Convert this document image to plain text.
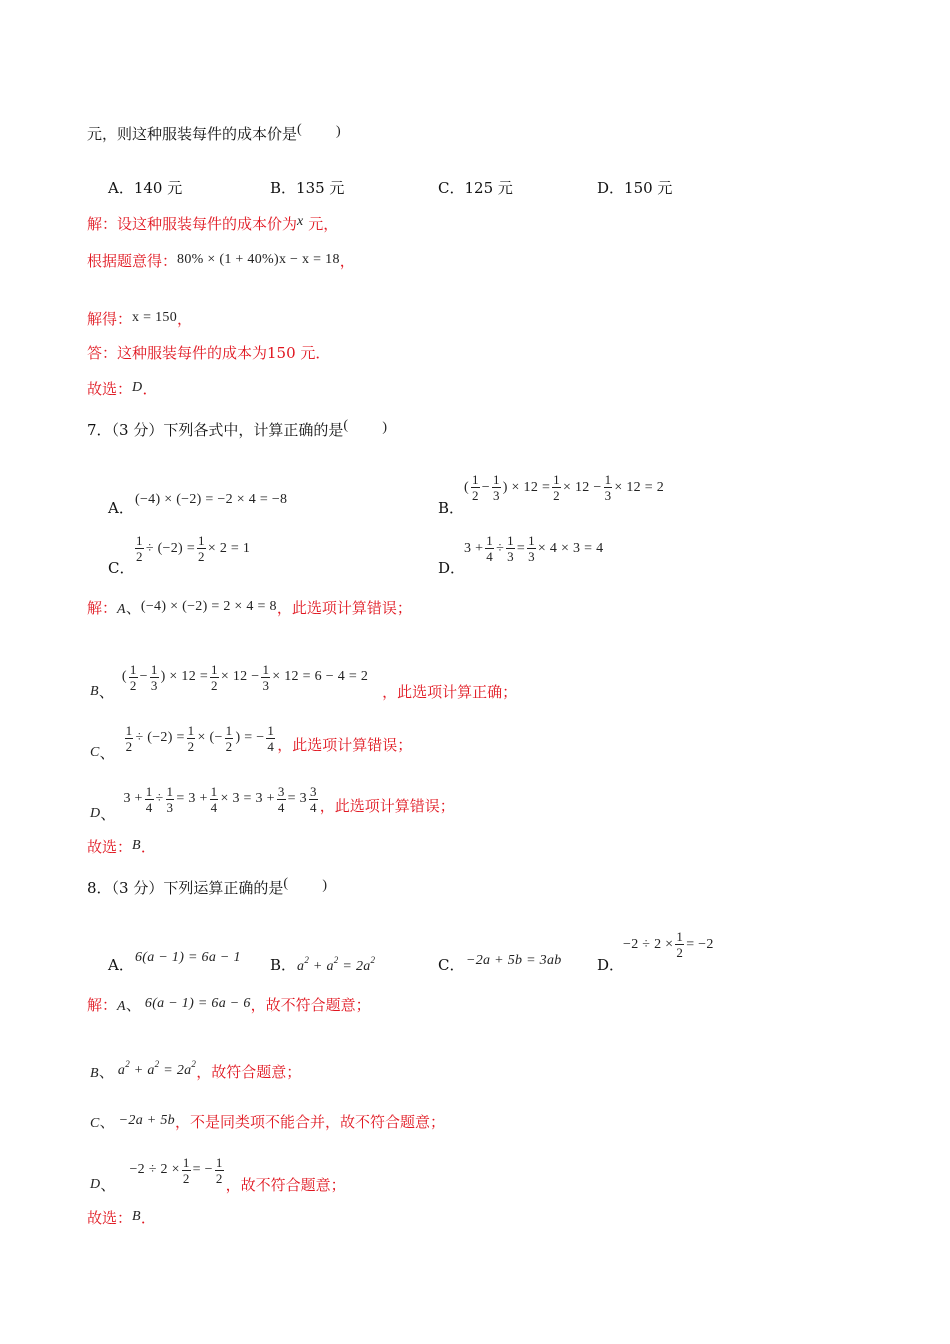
元，则这种服装每件的成本价是( )
A．140 元	B．135 元	C．125 元	D．150 元
解：设这种服装每件的成本价为x 元，
根据题意得：80% × (1 + 40%)x − x = 18，
解得：x = 150，
答：这种服装每件的成本为150 元．
故选：D．
7．（3 分）下列各式中，计算正确的是( )
A． (−4) × (−2) = −2 × 4 = −8	B．
( $\frac{1}{2} - \frac{1}{3}$ ) × $12 = \frac{1}{2} \times 12 - \frac{1}{3} \times 12 = 2$
C．
$\frac{1}{2} \div (-2) = \frac{1}{2} \times 2 = 1$
D．
$3 + \frac{1}{4} \div \frac{1}{3} = \frac{1}{3} \times 4 \times 3 = 4$
解：A、(−4) × (−2) = 2 × 4 = 8，此选项计算错误；
B 、
( $\frac{1}{2} - \frac{1}{3}$ ) × $12 = \frac{1}{2} \times 12 - \frac{1}{3} \times 12 = 6 - 4 = 2$
，此选项计算正确；
C 、 $\frac{1}{2} \div (-2) = \frac{1}{2}$ × (− $\frac{1}{2}$ ) = − $\frac{1}{4}$ ，此选项计算错误；
D 、
$3 + \frac{1}{4} \div \frac{1}{3} = 3 + \frac{1}{4} \times 3 = 3 + \frac{3}{4} = 3 \frac{3}{4}$ ，此选项计算错误；
故选：B．
8．（3 分）下列运算正确的是( )
A． 6(a − 1) = 6a − 1 B． $a^2 + a^2 = 2a^2$	C． −2a + 5b = 3ab D．
$-2 \div 2 \times \frac{1}{2} = -2$
解：A、 6(a − 1) = 6a − 6，故不符合题意；
B、 $a^2 + a^2 = 2a^2$，故符合题意；
C、 −2a + 5b，不是同类项不能合并，故不符合题意；
D 、
$-2 \div 2 \times \frac{1}{2}$ = − $\frac{1}{2}$ ，故不符合题意；
故选：B．
